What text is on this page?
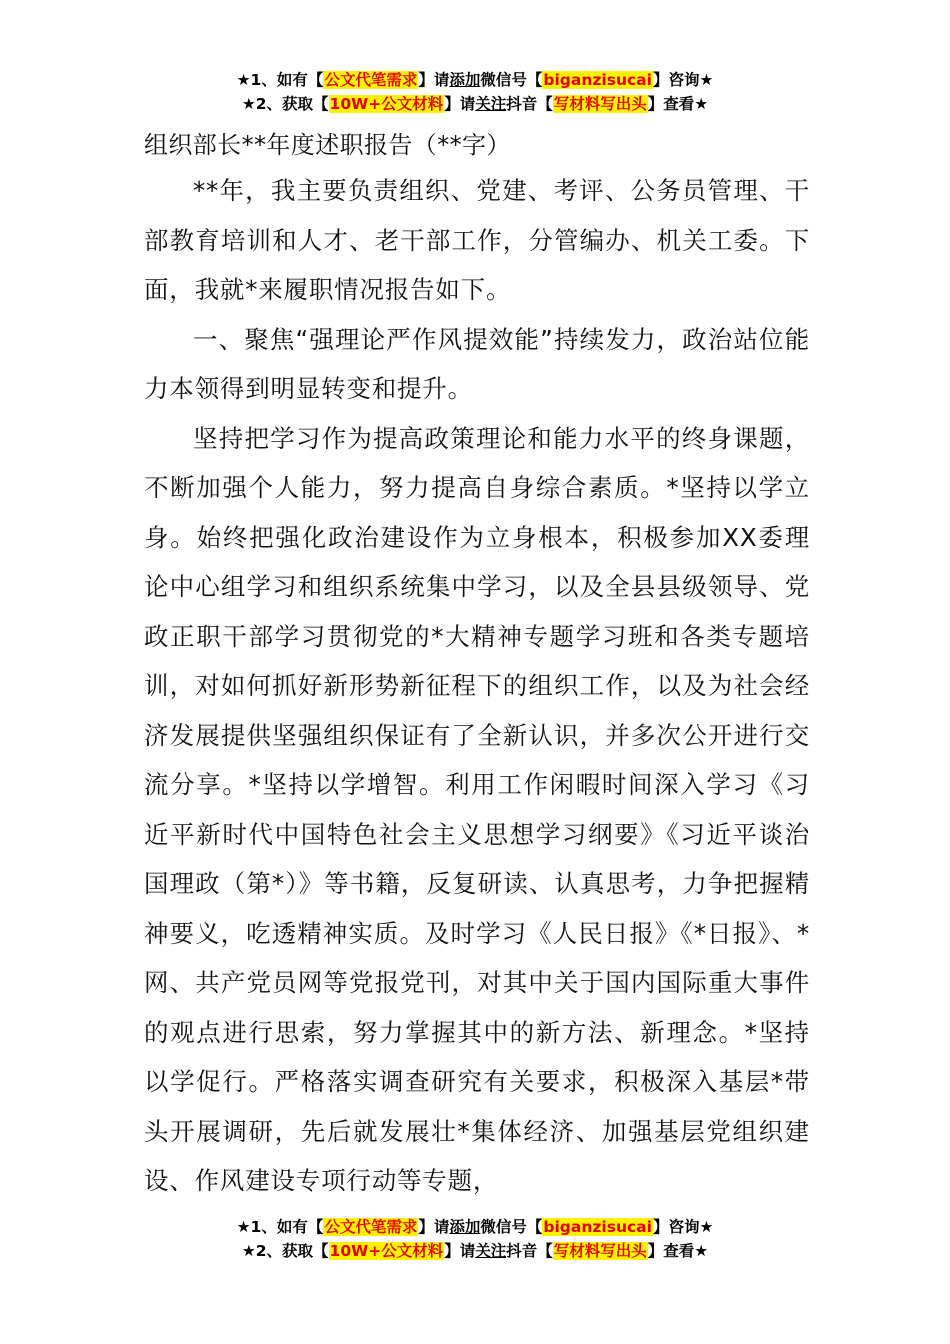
★1、如有【公文代笔需求】请添加微信号【biganzisucai】咨询★
★2、获取【10W+公文材料】请关注抖音【写材料写出头】查看★
组织部长**年度述职报告（**字）

**年，我主要负责组织、党建、考评、公务员管理、干部教育培训和人才、老干部工作，分管编办、机关工委。下面，我就*来履职情况报告如下。

一、聚焦“强理论严作风提效能”持续发力，政治站位能力本领得到明显转变和提升。

坚持把学习作为提高政策理论和能力水平的终身课题，不断加强个人能力，努力提高自身综合素质。*坚持以学立身。始终把强化政治建设作为立身根本，积极参加XX委理论中心组学习和组织系统集中学习，以及全县县级领导、党政正职干部学习贯彻党的*大精神专题学习班和各类专题培训，对如何抓好新形势新征程下的组织工作，以及为社会经济发展提供坚强组织保证有了全新认识，并多次公开进行交流分享。*坚持以学增智。利用工作闲暇时间深入学习《习近平新时代中国特色社会主义思想学习纲要》《习近平谈治国理政（第*）》等书籍，反复研读、认真思考，力争把握精神要义，吃透精神实质。及时学习《人民日报》《*日报》、*网、共产党员网等党报党刊，对其中关于国内国际重大事件的观点进行思索，努力掌握其中的新方法、新理念。*坚持以学促行。严格落实调查研究有关要求，积极深入基层*带头开展调研，先后就发展壮*集体经济、加强基层党组织建设、作风建设专项行动等专题，

★1、如有【公文代笔需求】请添加微信号【biganzisucai】咨询★
★2、获取【10W+公文材料】请关注抖音【写材料写出头】查看★
